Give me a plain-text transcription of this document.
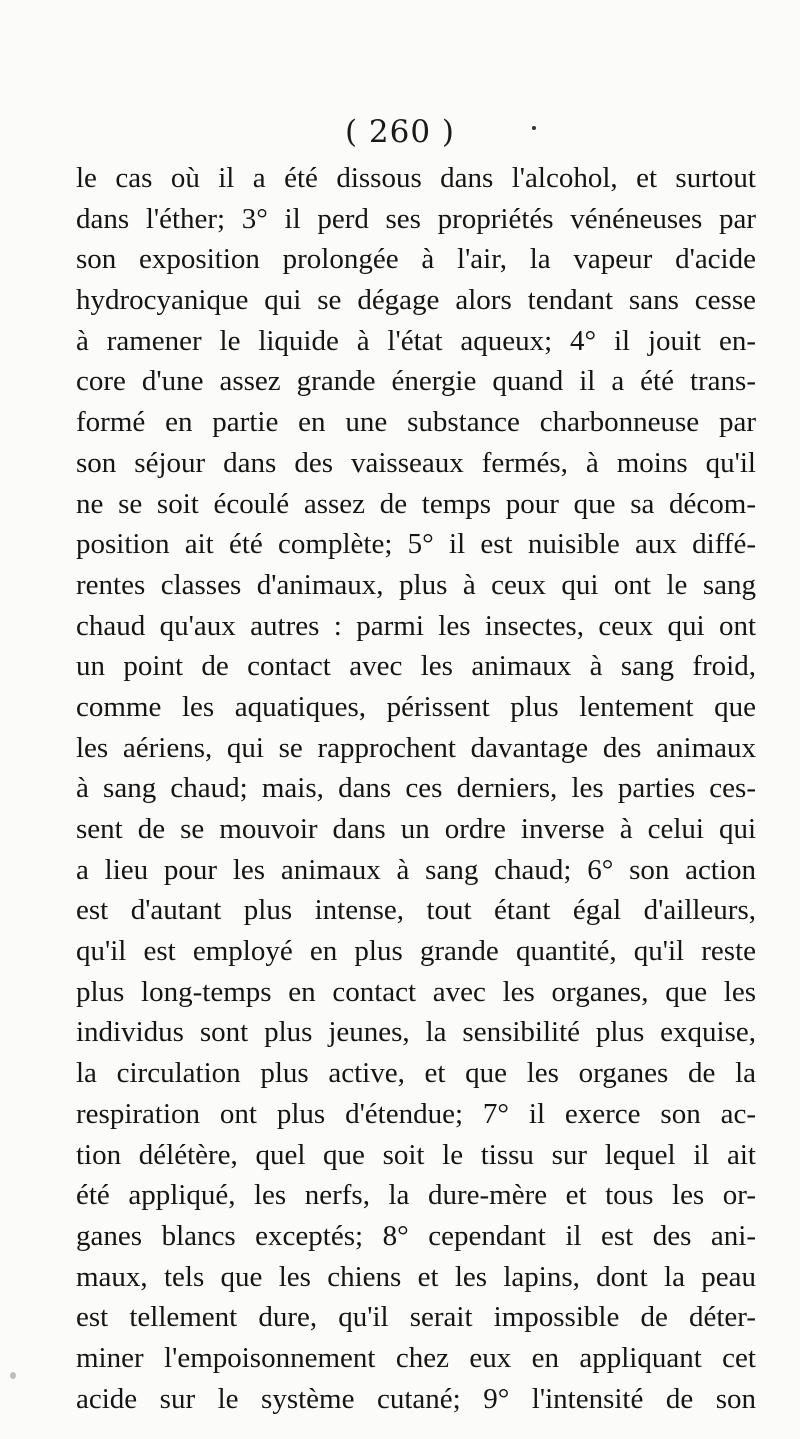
( 260 )
le cas où il a été dissous dans l'alcohol, et surtout
dans l'éther; 3° il perd ses propriétés vénéneuses par
son exposition prolongée à l'air, la vapeur d'acide
hydrocyanique qui se dégage alors tendant sans cesse
à ramener le liquide à l'état aqueux; 4° il jouit en-
core d'une assez grande énergie quand il a été trans-
formé en partie en une substance charbonneuse par
son séjour dans des vaisseaux fermés, à moins qu'il
ne se soit écoulé assez de temps pour que sa décom-
position ait été complète; 5° il est nuisible aux diffé-
rentes classes d'animaux, plus à ceux qui ont le sang
chaud qu'aux autres : parmi les insectes, ceux qui ont
un point de contact avec les animaux à sang froid,
comme les aquatiques, périssent plus lentement que
les aériens, qui se rapprochent davantage des animaux
à sang chaud; mais, dans ces derniers, les parties ces-
sent de se mouvoir dans un ordre inverse à celui qui
a lieu pour les animaux à sang chaud; 6° son action
est d'autant plus intense, tout étant égal d'ailleurs,
qu'il est employé en plus grande quantité, qu'il reste
plus long-temps en contact avec les organes, que les
individus sont plus jeunes, la sensibilité plus exquise,
la circulation plus active, et que les organes de la
respiration ont plus d'étendue; 7° il exerce son ac-
tion délétère, quel que soit le tissu sur lequel il ait
été appliqué, les nerfs, la dure-mère et tous les or-
ganes blancs exceptés; 8° cependant il est des ani-
maux, tels que les chiens et les lapins, dont la peau
est tellement dure, qu'il serait impossible de déter-
miner l'empoisonnement chez eux en appliquant cet
acide sur le système cutané; 9° l'intensité de son
